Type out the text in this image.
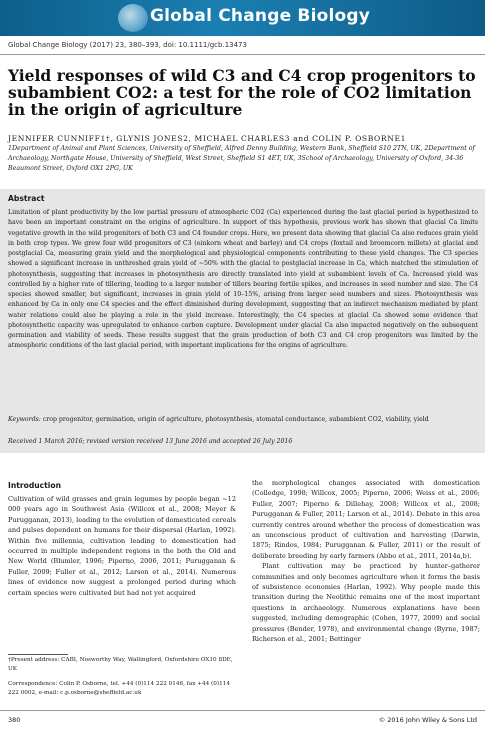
Global Change Biology
Global Change Biology (2017) 23, 380–393, doi: 10.1111/gcb.13473
Yield responses of wild C3 and C4 crop progenitors to subambient CO2: a test for the role of CO2 limitation in the origin of agriculture
JENNIFER CUNNIFF1†, GLYNIS JONES2, MICHAEL CHARLES3 and COLIN P. OSBORNE1
1Department of Animal and Plant Sciences, University of Sheffield, Alfred Denny Building, Western Bank, Sheffield S10 2TN, UK, 2Department of Archaeology, Northgate House, University of Sheffield, West Street, Sheffield S1 4ET, UK, 3School of Archaeology, University of Oxford, 34-36 Beaumont Street, Oxford OX1 2PG, UK
Abstract
Limitation of plant productivity by the low partial pressure of atmospheric CO2 (Ca) experienced during the last glacial period is hypothesized to have been an important constraint on the origins of agriculture. In support of this hypothesis, previous work has shown that glacial Ca limits vegetative growth in the wild progenitors of both C3 and C4 founder crops. Here, we present data showing that glacial Ca also reduces grain yield in both crop types. We grew four wild progenitors of C3 (einkorn wheat and barley) and C4 crops (foxtail and broomcorn millets) at glacial and postglacial Ca, measuring grain yield and the morphological and physiological components contributing to these yield changes. The C3 species showed a significant increase in unthreshed grain yield of ~50% with the glacial to postglacial increase in Ca, which matched the stimulation of photosynthesis, suggesting that increases in photosynthesis are directly translated into yield at subambient levels of Ca. Increased yield was controlled by a higher rate of tillering, leading to a larger number of tillers bearing fertile spikes, and increases in seed number and size. The C4 species showed smaller, but significant, increases in grain yield of 10–15%, arising from larger seed numbers and sizes. Photosynthesis was enhanced by Ca in only one C4 species and the effect diminished during development, suggesting that an indirect mechanism mediated by plant water relations could also be playing a role in the yield increase. Interestingly, the C4 species at glacial Ca showed some evidence that photosynthetic capacity was upregulated to enhance carbon capture. Development under glacial Ca also impacted negatively on the subsequent germination and viability of seeds. These results suggest that the grain production of both C3 and C4 crop progenitors was limited by the atmospheric conditions of the last glacial period, with important implications for the origins of agriculture.
Keywords: crop progenitor, germination, origin of agriculture, photosynthesis, stomatal conductance, subambient CO2, viability, yield
Received 1 March 2016; revised version received 13 June 2016 and accepted 26 July 2016
Introduction

Cultivation of wild grasses and grain legumes by people began ~12 000 years ago in Southwest Asia (Willcox et al., 2008; Meyer & Purugganan, 2013), leading to the evolution of domesticated cereals and pulses dependent on humans for their dispersal (Harlan, 1992). Within five millennia, cultivation leading to domestication had occurred in multiple independent regions in the both the Old and New World (Blumler, 1996; Piperno, 2006, 2011; Purugganan & Fuller, 2009; Fuller et al., 2012; Larson et al., 2014). Numerous lines of evidence now suggest a prolonged period during which certain species were cultivated but had not yet acquired

the morphological changes associated with domestication (Colledge, 1998; Willcox, 2005; Piperno, 2006; Weiss et al., 2006; Fuller, 2007; Piperno & Dillehay, 2008; Willcox et al., 2008; Purugganan & Fuller, 2011; Larson et al., 2014). Debate in this area currently centres around whether the process of domestication was an unconscious product of cultivation and harvesting (Darwin, 1875; Rindos, 1984; Purugganan & Fuller, 2011) or the result of deliberate breeding by early farmers (Abbo et al., 2011, 2014a,b).

Plant cultivation may be practiced by hunter–gatherer communities and only becomes agriculture when it forms the basis of subsistence economies (Harlan, 1992). Why people made this transition during the Neolithic remains one of the most important questions in archaeology. Numerous explanations have been suggested, including demographic (Cohen, 1977, 2009) and social pressures (Bender, 1978), and environmental change (Byrne, 1987; Richerson et al., 2001; Bettinger

†Present address: CABI, Nosworthy Way, Wallingford, Oxfordshire OX10 8DE, UK

Correspondence: Colin P. Osborne, tel. +44 (0)114 222 0146, fax +44 (0)114 222 0002, e-mail: c.p.osborne@sheffield.ac.uk

380	© 2016 John Wiley & Sons Ltd
